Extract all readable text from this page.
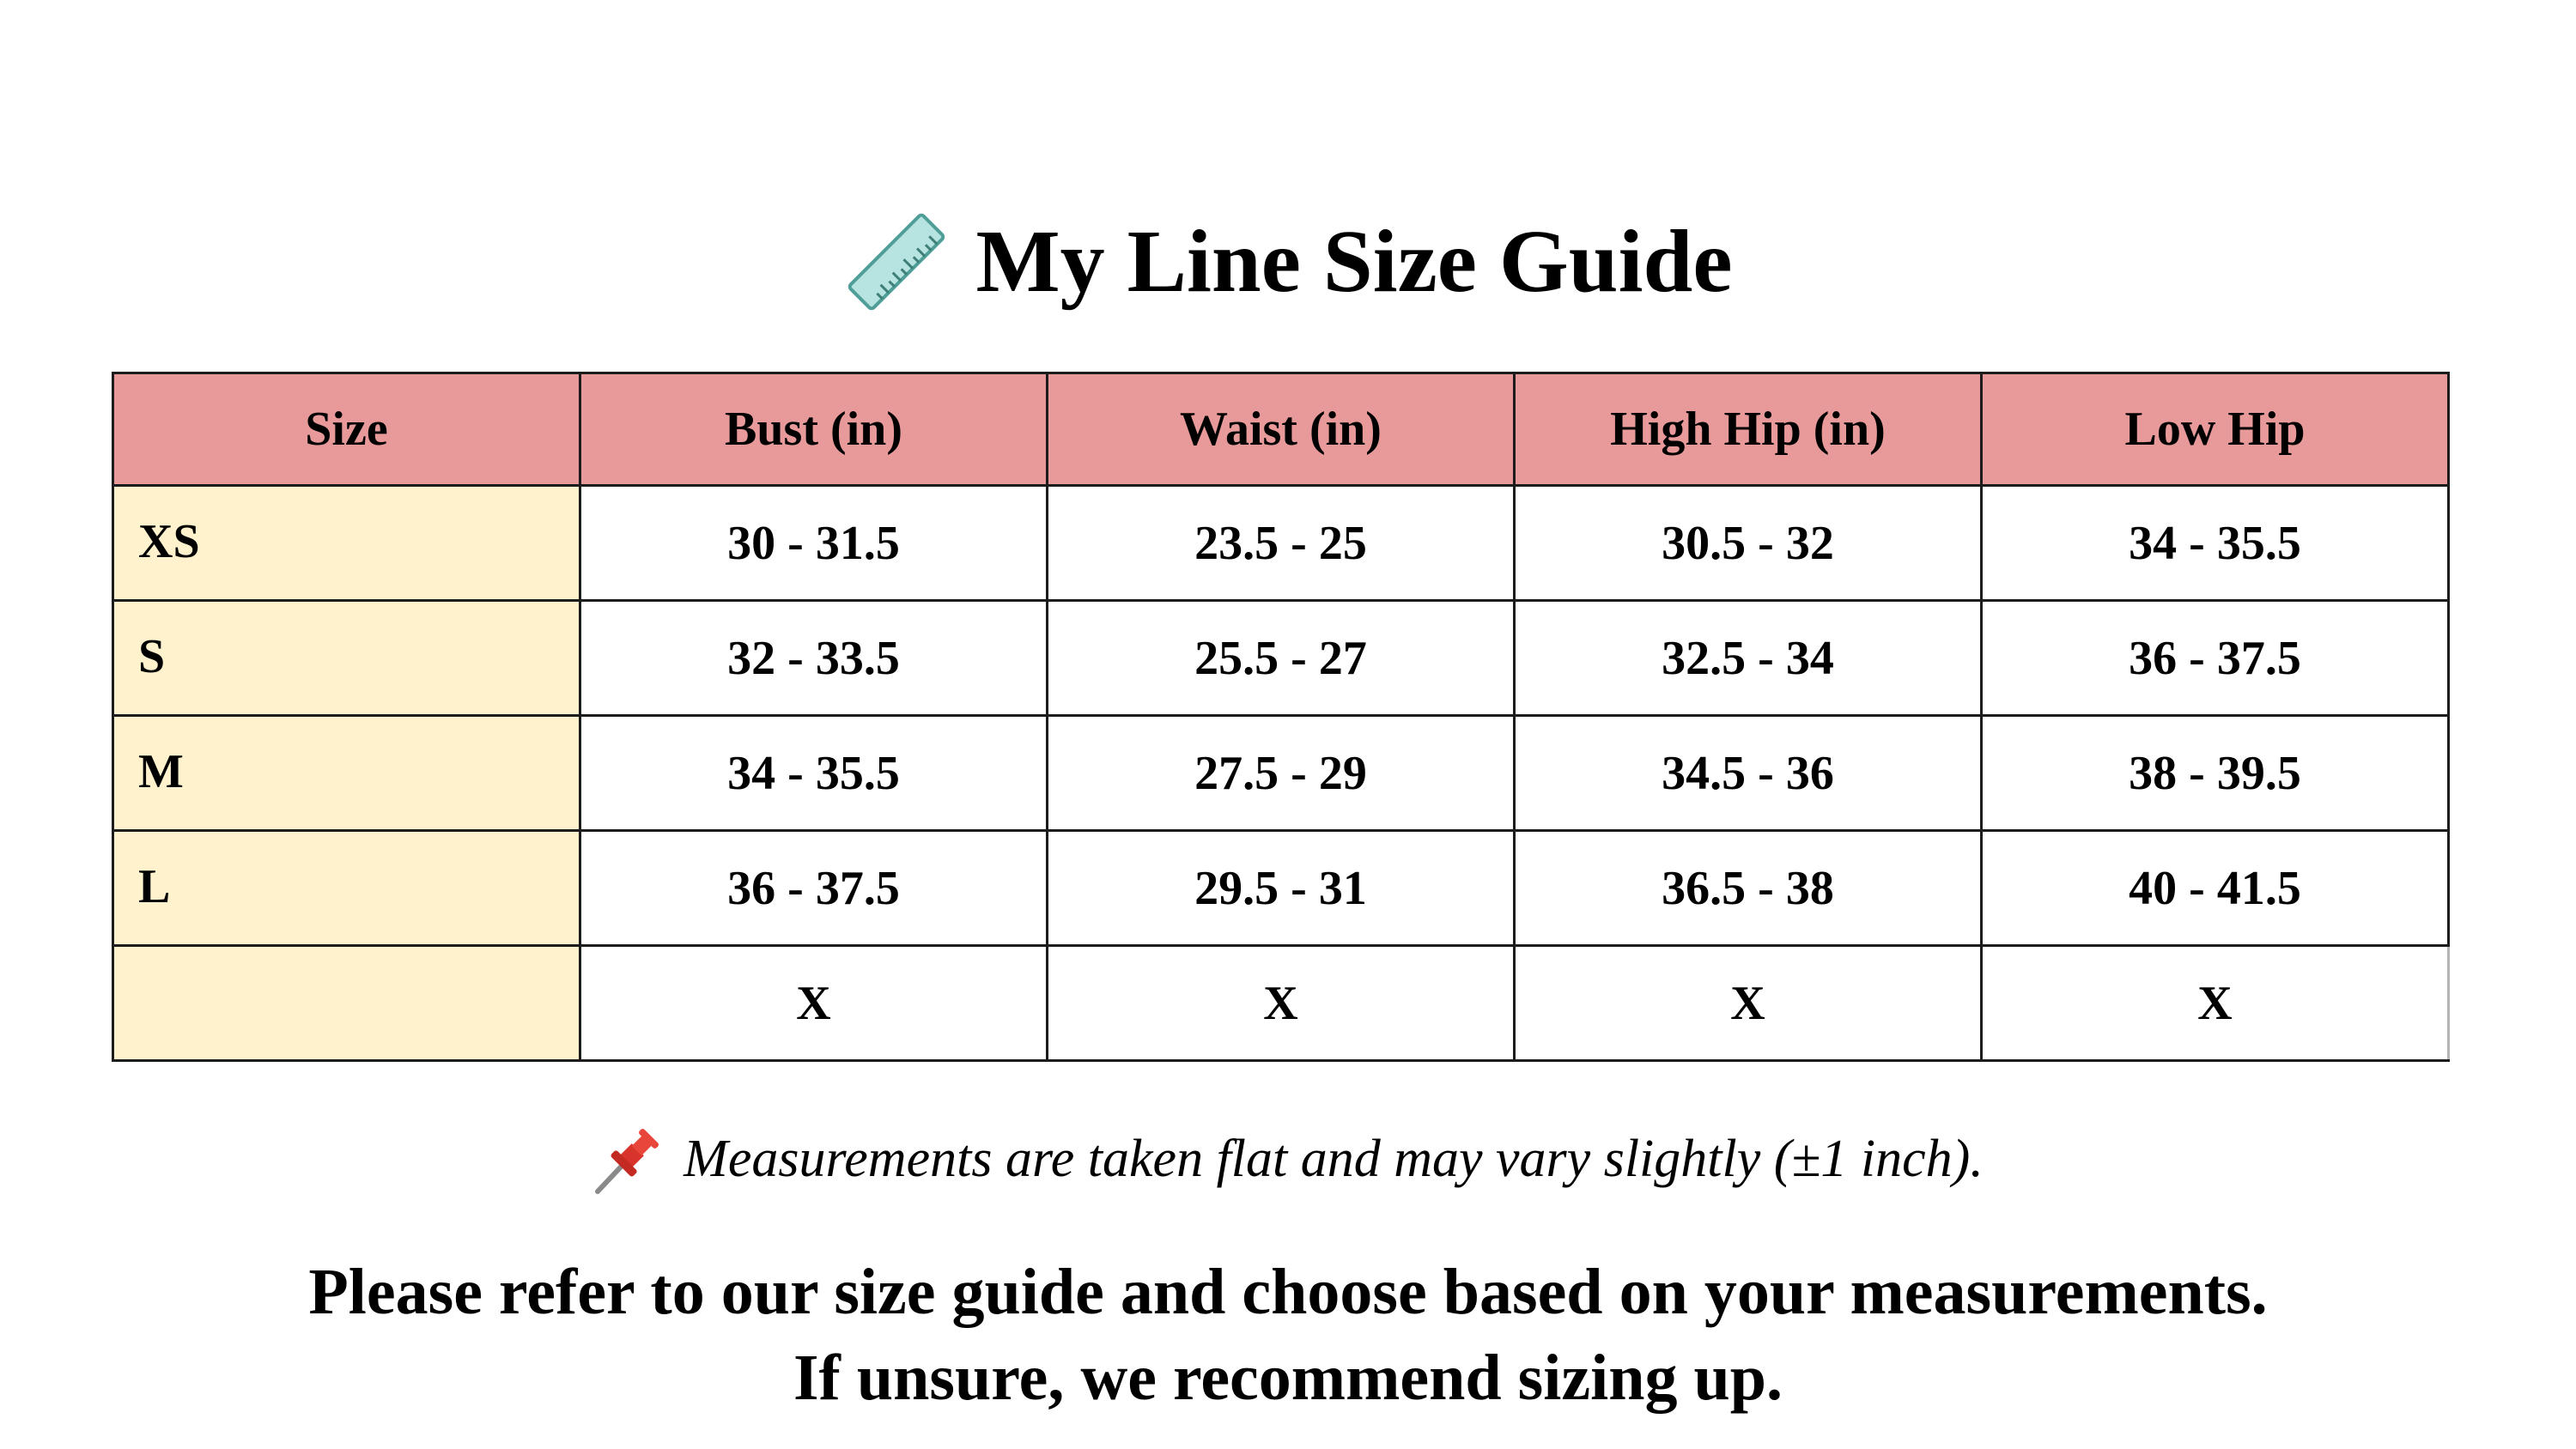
My Line Size Guide
Size	Bust (in)	Waist (in)	High Hip (in)	Low Hip
XS	30 - 31.5	23.5 - 25	30.5 - 32	34 - 35.5
S	32 - 33.5	25.5 - 27	32.5 - 34	36 - 37.5
M	34 - 35.5	27.5 - 29	34.5 - 36	38 - 39.5
L	36 - 37.5	29.5 - 31	36.5 - 38	40 - 41.5
	X	X	X	X
Measurements are taken flat and may vary slightly (±1 inch).
Please refer to our size guide and choose based on your measurements.
If unsure, we recommend sizing up.
